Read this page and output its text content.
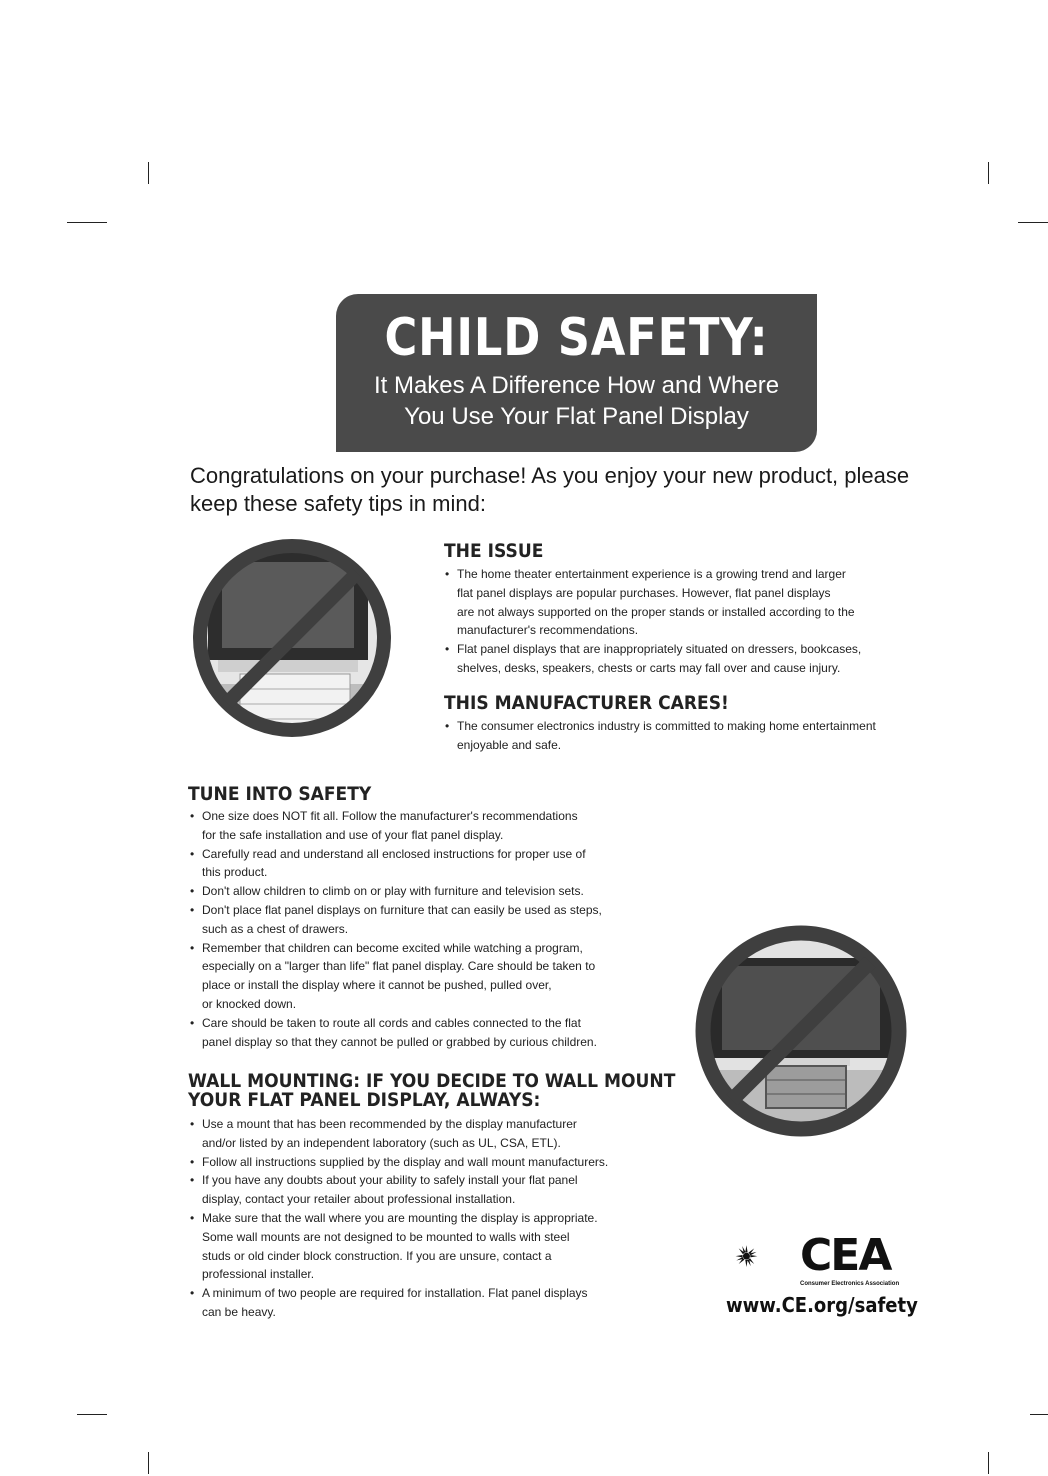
CHILD SAFETY:
It Makes A Difference How and Where
You Use Your Flat Panel Display
Congratulations on your purchase! As you enjoy your new product, please
keep these safety tips in mind:
THE ISSUE
• The home theater entertainment experience is a growing trend and larger
flat panel displays are popular purchases. However, flat panel displays
are not always supported on the proper stands or installed according to the
manufacturer's recommendations.
• Flat panel displays that are inappropriately situated on dressers, bookcases,
shelves, desks, speakers, chests or carts may fall over and cause injury.
THIS MANUFACTURER CARES!
• The consumer electronics industry is committed to making home entertainment
enjoyable and safe.
TUNE INTO SAFETY
• One size does NOT fit all. Follow the manufacturer's recommendations
for the safe installation and use of your flat panel display.
• Carefully read and understand all enclosed instructions for proper use of
this product.
• Don't allow children to climb on or play with furniture and television sets.
• Don't place flat panel displays on furniture that can easily be used as steps,
such as a chest of drawers.
• Remember that children can become excited while watching a program,
especially on a "larger than life" flat panel display. Care should be taken to
place or install the display where it cannot be pushed, pulled over,
or knocked down.
• Care should be taken to route all cords and cables connected to the flat
panel display so that they cannot be pulled or grabbed by curious children.
WALL MOUNTING: IF YOU DECIDE TO WALL MOUNT
YOUR FLAT PANEL DISPLAY, ALWAYS:
• Use a mount that has been recommended by the display manufacturer
and/or listed by an independent laboratory (such as UL, CSA, ETL).
• Follow all instructions supplied by the display and wall mount manufacturers.
• If you have any doubts about your ability to safely install your flat panel
display, contact your retailer about professional installation.
• Make sure that the wall where you are mounting the display is appropriate.
Some wall mounts are not designed to be mounted to walls with steel
studs or old cinder block construction. If you are unsure, contact a
professional installer.
• A minimum of two people are required for installation. Flat panel displays
can be heavy.
CEA
Consumer Electronics Association
www.CE.org/safety
